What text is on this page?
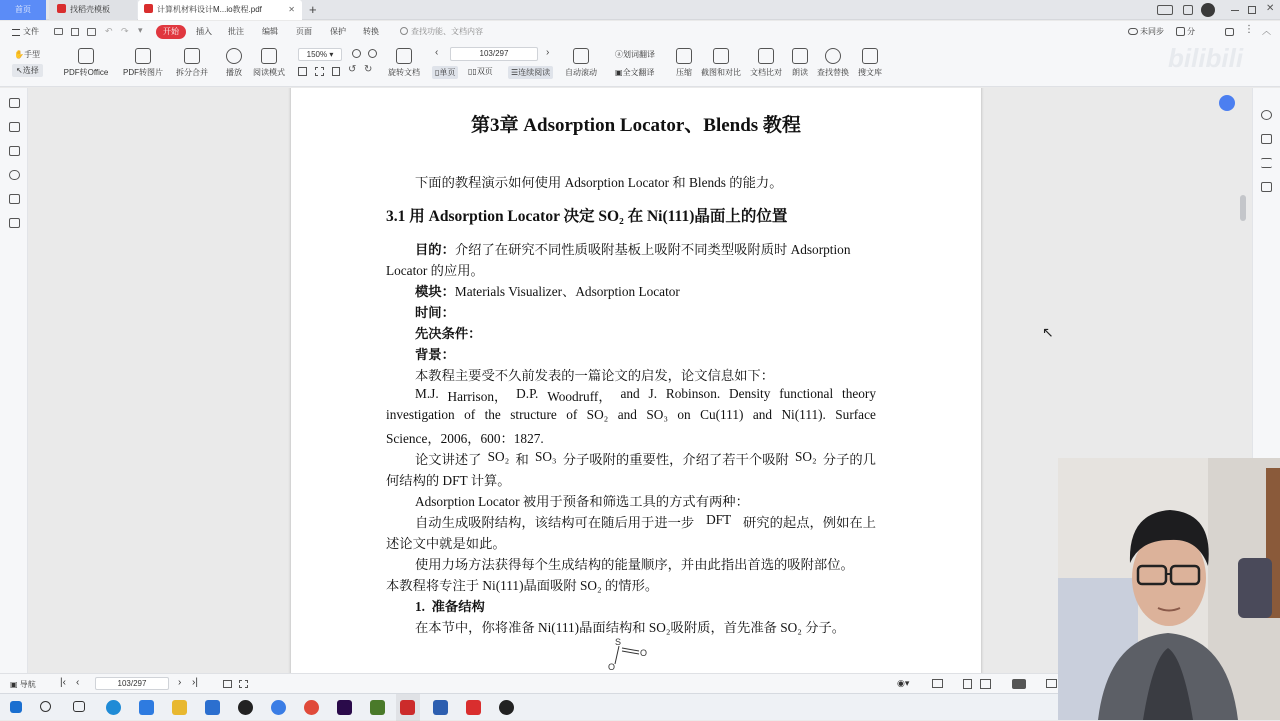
首页	找稻壳模板	计算机材料设计M...io教程.pdf	✕ +	✕
文件	↶ ↷ ▾	开始	插入 批注 编辑 页面 保护 转换	查找功能、文档内容	未同步	分	⋮ ︿
✋手型
↖选择	PDF转Office	PDF转图片	拆分合并	播放	阅读模式
150% ▾
↺ ↻ 旋转文档
‹	103/297	›
▯单页	▯▯双页	☰连续阅读	自动滚动
ⓐ划词翻译
▣全文翻译	压缩	截图和对比 文档比对	朗读	查找替换 搜文库	bilibili
第3章 Adsorption Locator、Blends 教程
下面的教程演示如何使用 Adsorption Locator 和 Blends 的能力。
3.1 用 Adsorption Locator 决定 SO₂ 在 Ni(111)晶面上的位置
目的：介绍了在研究不同性质吸附基板上吸附不同类型吸附质时 Adsorption
Locator 的应用。
模块：Materials Visualizer、Adsorption Locator
时间：
先决条件：
背景：
本教程主要受不久前发表的一篇论文的启发，论文信息如下：
M.J. Harrison， D.P. Woodruff， and J. Robinson. Density functional theory
investigation of the structure of SO₂ and SO₃ on Cu(111) and Ni(111). Surface
Science，2006，600：1827.
论文讲述了 SO₂ 和 SO₃ 分子吸附的重要性，介绍了若干个吸附 SO₂ 分子的几
何结构的 DFT 计算。
Adsorption Locator 被用于预备和筛选工具的方式有两种：
自动生成吸附结构，该结构可在随后用于进一步 DFT 研究的起点，例如在上
述论文中就是如此。
使用力场方法获得每个生成结构的能量顺序，并由此指出首选的吸附部位。
本教程将专注于 Ni(111)晶面吸附 SO₂ 的情形。
1. 准备结构
在本节中，你将准备 Ni(111)晶面结构和 SO₂吸附质，首先准备 SO₂ 分子。
S
O
O
↖
▣ 导航 |‹ ‹	103/297	› ›|	◉▾
